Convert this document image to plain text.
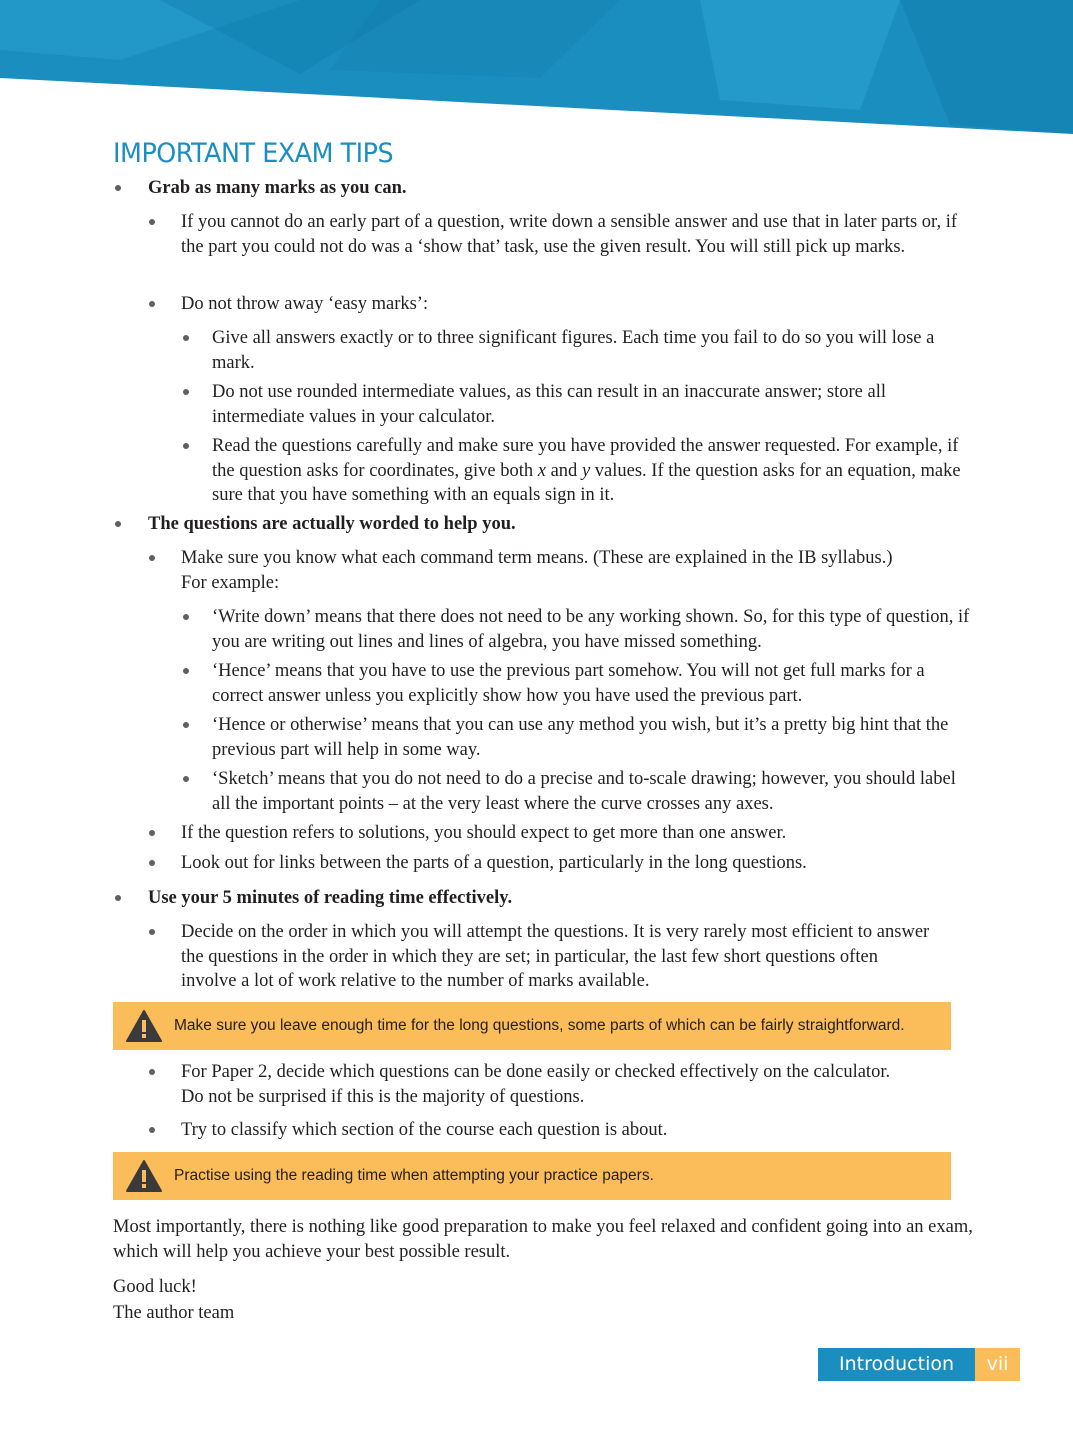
IMPORTANT EXAM TIPS

Grab as many marks as you can.

If you cannot do an early part of a question, write down a sensible answer and use that in later parts or, if the part you could not do was a ‘show that’ task, use the given result. You will still pick up marks.

Do not throw away ‘easy marks’:

Give all answers exactly or to three significant figures. Each time you fail to do so you will lose a mark.

Do not use rounded intermediate values, as this can result in an inaccurate answer; store all intermediate values in your calculator.

Read the questions carefully and make sure you have provided the answer requested. For example, if the question asks for coordinates, give both x and y values. If the question asks for an equation, make sure that you have something with an equals sign in it.

The questions are actually worded to help you.

Make sure you know what each command term means. (These are explained in the IB syllabus.) For example:

‘Write down’ means that there does not need to be any working shown. So, for this type of question, if you are writing out lines and lines of algebra, you have missed something.

‘Hence’ means that you have to use the previous part somehow. You will not get full marks for a correct answer unless you explicitly show how you have used the previous part.

‘Hence or otherwise’ means that you can use any method you wish, but it’s a pretty big hint that the previous part will help in some way.

‘Sketch’ means that you do not need to do a precise and to-scale drawing; however, you should label all the important points – at the very least where the curve crosses any axes.

If the question refers to solutions, you should expect to get more than one answer.

Look out for links between the parts of a question, particularly in the long questions.

Use your 5 minutes of reading time effectively.

Decide on the order in which you will attempt the questions. It is very rarely most efficient to answer the questions in the order in which they are set; in particular, the last few short questions often involve a lot of work relative to the number of marks available.

Make sure you leave enough time for the long questions, some parts of which can be fairly straightforward.

For Paper 2, decide which questions can be done easily or checked effectively on the calculator. Do not be surprised if this is the majority of questions.

Try to classify which section of the course each question is about.

Practise using the reading time when attempting your practice papers.

Most importantly, there is nothing like good preparation to make you feel relaxed and confident going into an exam, which will help you achieve your best possible result.

Good luck!

The author team

Introduction	vii
